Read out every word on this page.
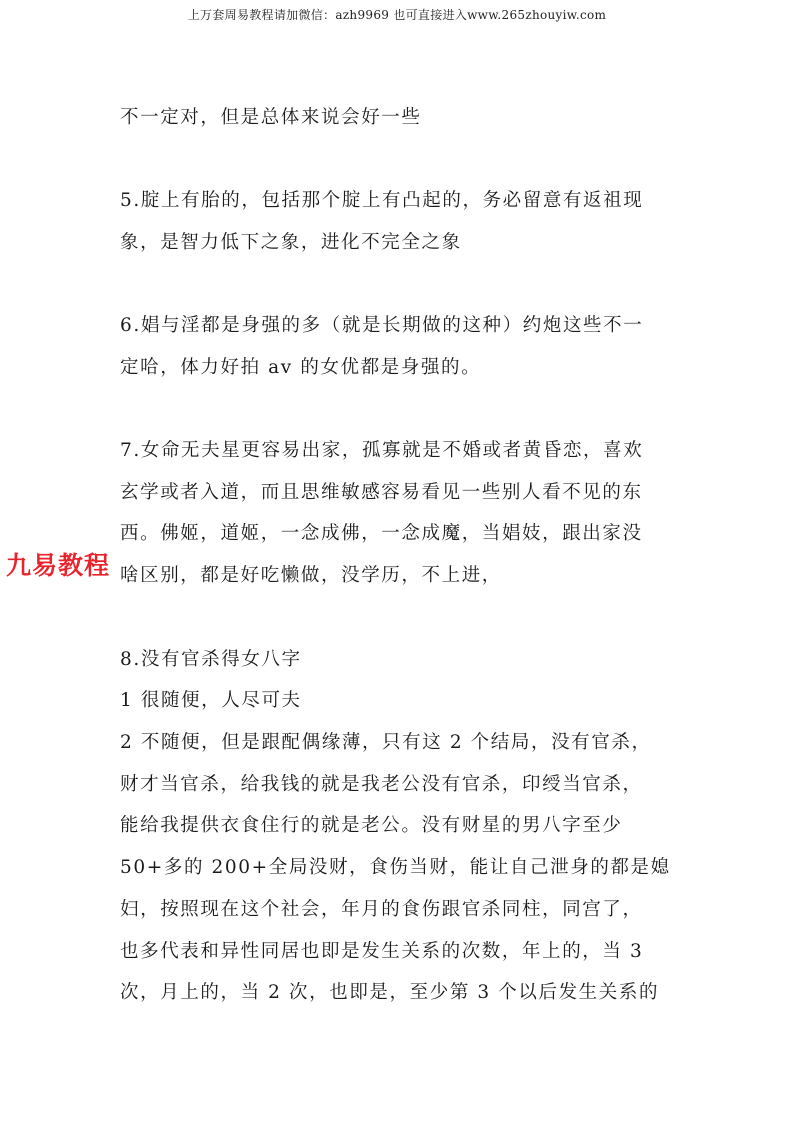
上万套周易教程请加微信：azh9969 也可直接进入www.265zhouyiw.com
不一定对，但是总体来说会好一些
5.腚上有胎的，包括那个腚上有凸起的，务必留意有返祖现
象，是智力低下之象，进化不完全之象
6.娼与淫都是身强的多（就是长期做的这种）约炮这些不一
定哈，体力好拍 av 的女优都是身强的。
7.女命无夫星更容易出家，孤寡就是不婚或者黄昏恋，喜欢
玄学或者入道，而且思维敏感容易看见一些别人看不见的东
西。佛姬，道姬，一念成佛，一念成魔，当娼妓，跟出家没
啥区别，都是好吃懒做，没学历，不上进，
8.没有官杀得女八字
1 很随便，人尽可夫
2 不随便，但是跟配偶缘薄，只有这 2 个结局，没有官杀，
财才当官杀，给我钱的就是我老公没有官杀，印绶当官杀，
能给我提供衣食住行的就是老公。没有财星的男八字至少
50+多的 200+全局没财，食伤当财，能让自己泄身的都是媳
妇，按照现在这个社会，年月的食伤跟官杀同柱，同宫了，
也多代表和异性同居也即是发生关系的次数，年上的，当 3
次，月上的，当 2 次，也即是，至少第 3 个以后发生关系的
九易教程
